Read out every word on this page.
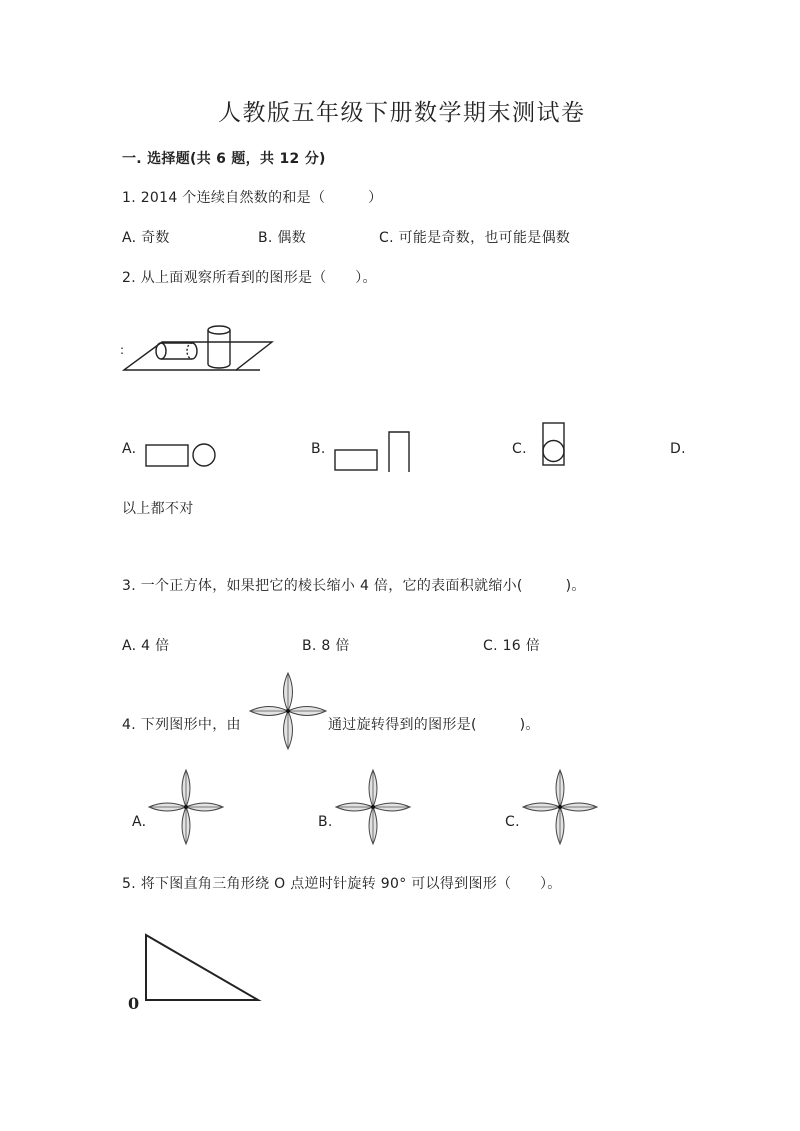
人教版五年级下册数学期末测试卷
一. 选择题(共 6 题，共 12 分)
1. 2014 个连续自然数的和是（　　　）
A. 奇数	B. 偶数	C. 可能是奇数，也可能是偶数
2. 从上面观察所看到的图形是（　　）。
:
A.	B.	C.	D.
以上都不对
3. 一个正方体，如果把它的棱长缩小 4 倍，它的表面积就缩小(　　　)。
A. 4 倍	B. 8 倍	C. 16 倍
4. 下列图形中，由	通过旋转得到的图形是(　　　)。
A.	B.	C.
5. 将下图直角三角形绕 O 点逆时针旋转 90° 可以得到图形（　　）。
0
